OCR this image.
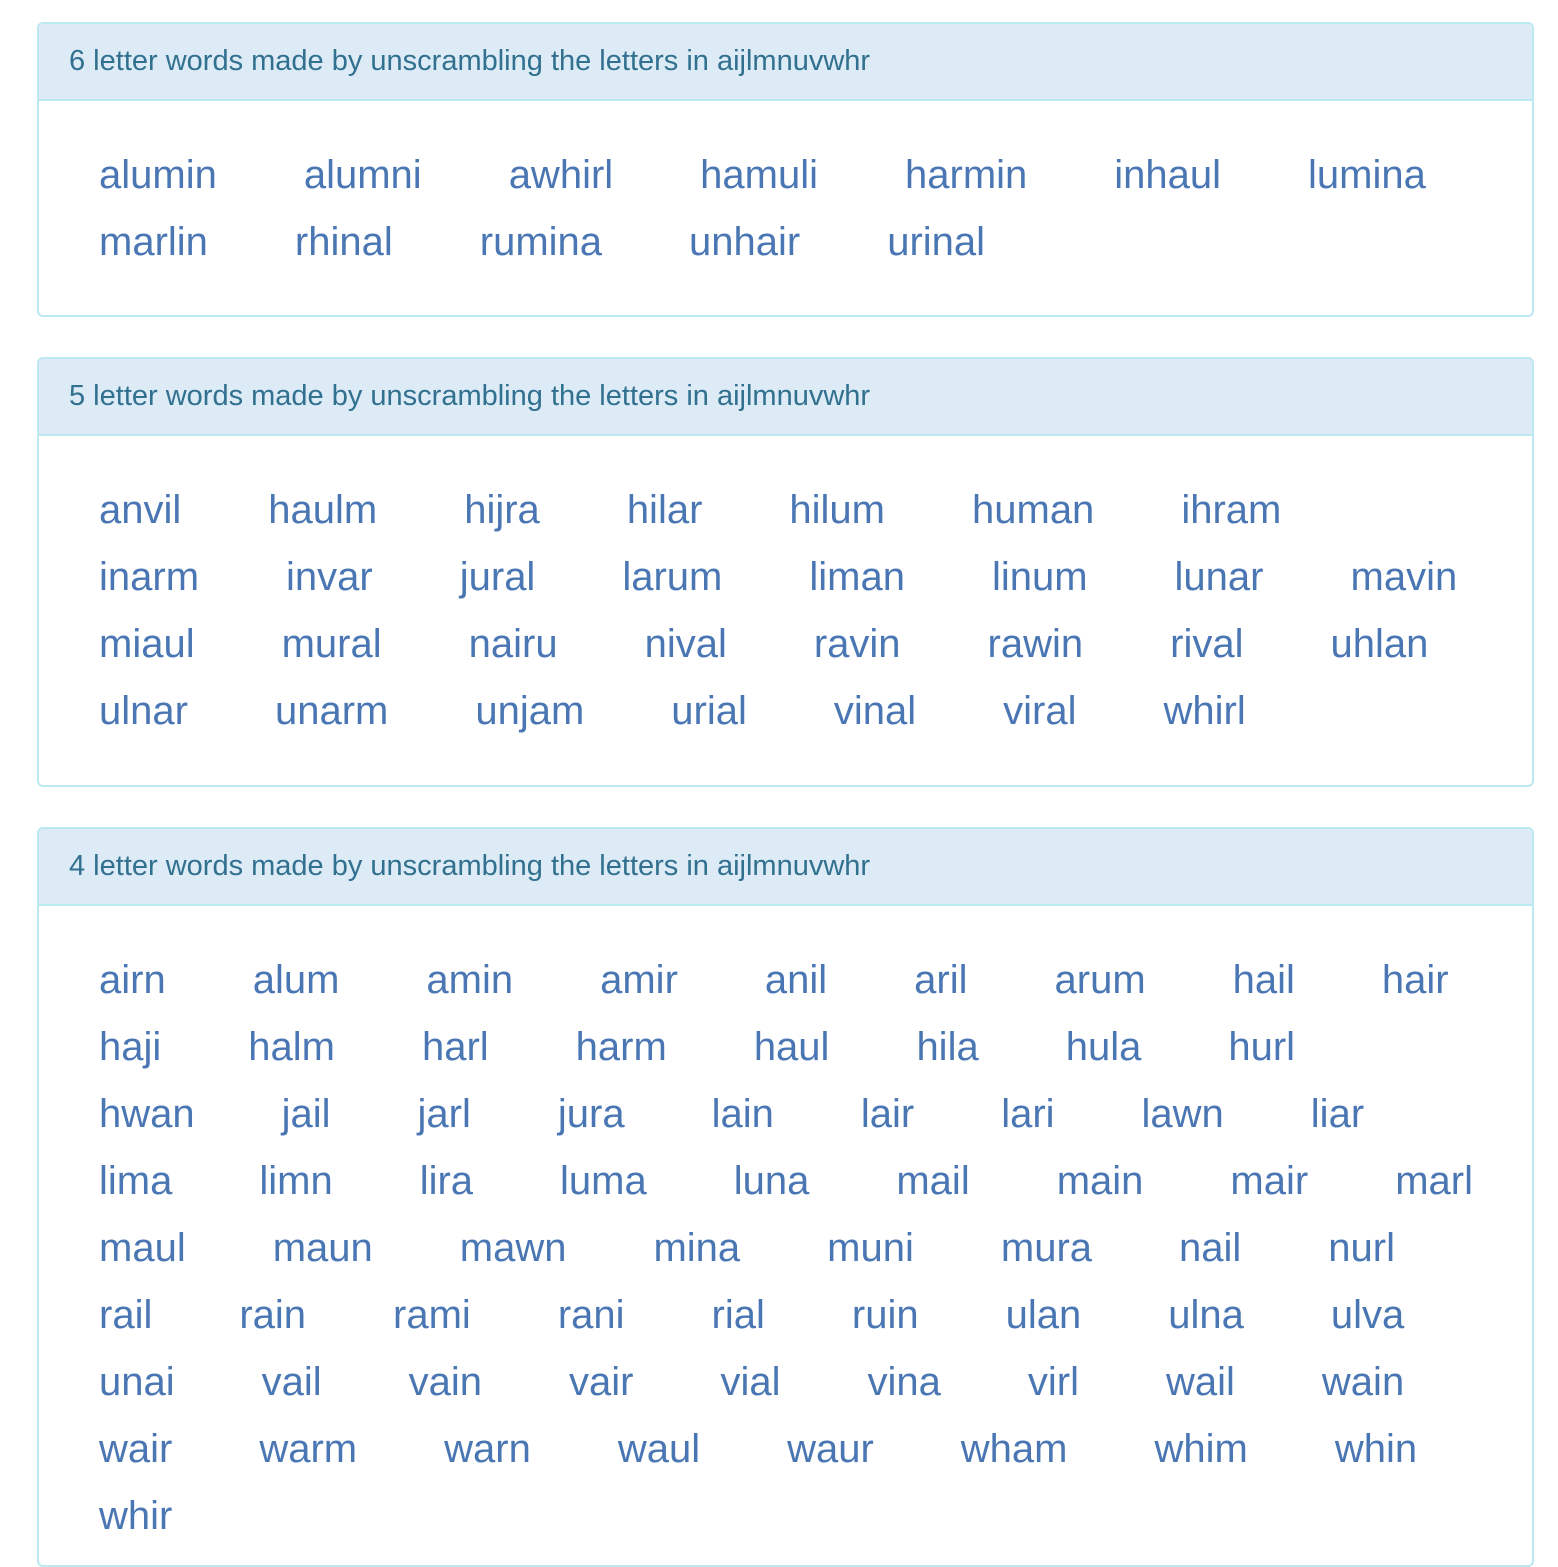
6 letter words made by unscrambling the letters in aijlmnuvwhr
alumin alumni awhirl hamuli harmin inhaul lumina
marlin rhinal rumina unhair urinal
5 letter words made by unscrambling the letters in aijlmnuvwhr
anvil haulm hijra hilar hilum human ihram
inarm invar jural larum liman linum lunar mavin
miaul mural nairu nival ravin rawin rival uhlan
ulnar unarm unjam urial vinal viral whirl
4 letter words made by unscrambling the letters in aijlmnuvwhr
airn alum amin amir anil aril arum hail hair
haji halm harl harm haul hila hula hurl
hwan jail jarl jura lain lair lari lawn liar
lima limn lira luma luna mail main mair marl
maul maun mawn mina muni mura nail nurl
rail rain rami rani rial ruin ulan ulna ulva
unai vail vain vair vial vina virl wail wain
wair warm warn waul waur wham whim whin
whir
